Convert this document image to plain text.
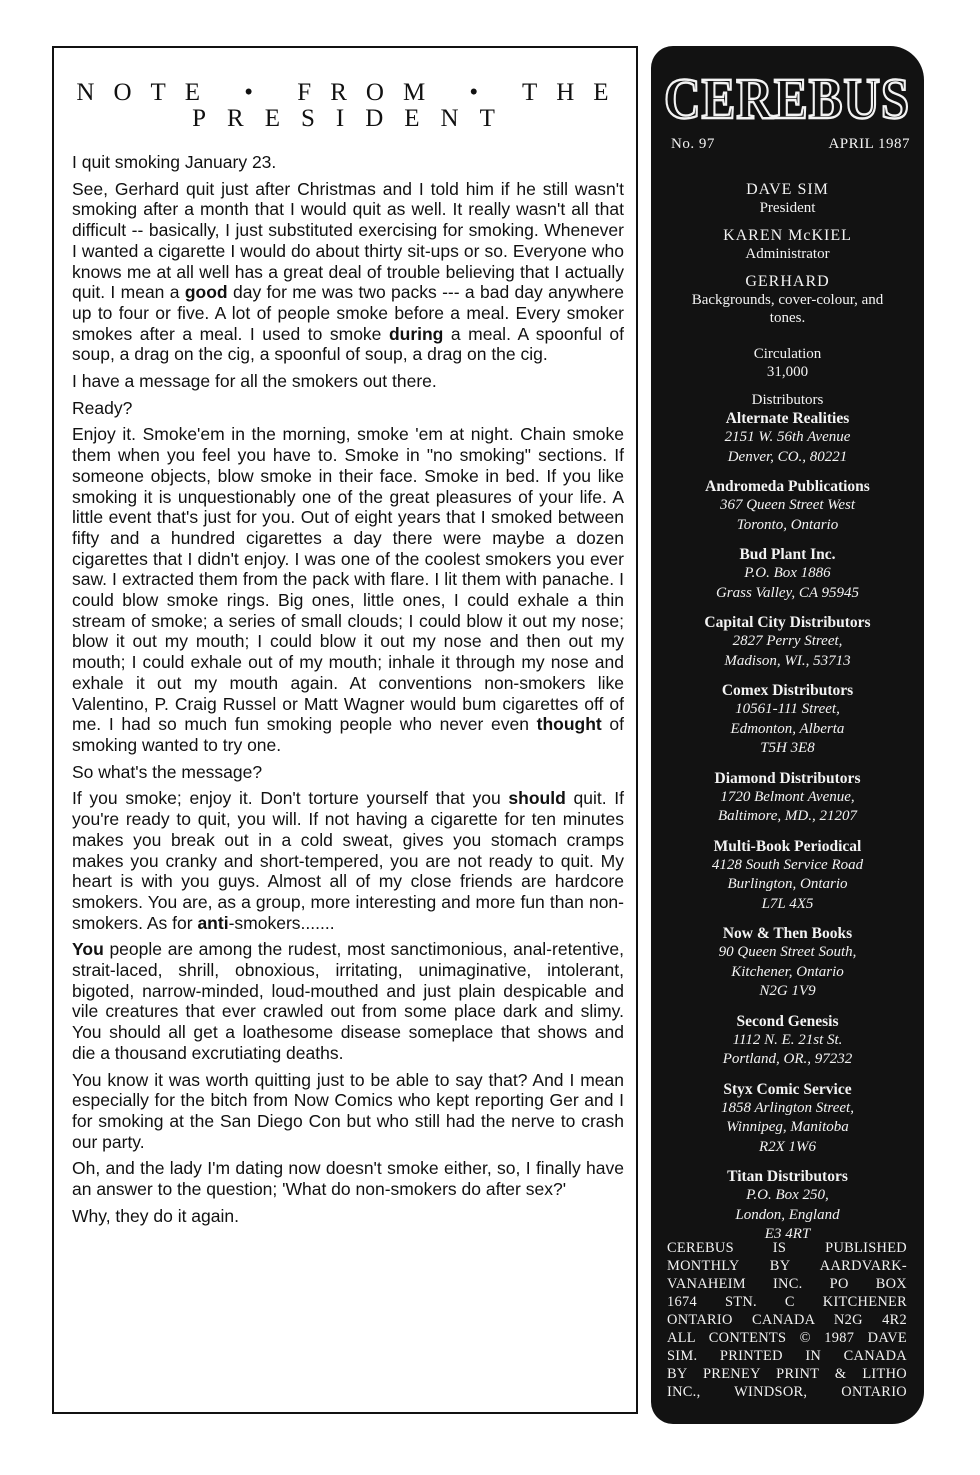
NOTE • FROM • THE
PRESIDENT

I quit smoking January 23.

See, Gerhard quit just after Christmas and I told him if he still wasn't smoking after a month that I would quit as well. It really wasn't all that difficult -- basically, I just substituted exercising for smoking. Whenever I wanted a cigarette I would do about thirty sit-ups or so. Everyone who knows me at all well has a great deal of trouble believing that I actually quit. I mean a good day for me was two packs --- a bad day anywhere up to four or five. A lot of people smoke before a meal. Every smoker smokes after a meal. I used to smoke during a meal. A spoonful of soup, a drag on the cig, a spoonful of soup, a drag on the cig.

I have a message for all the smokers out there.

Ready?

Enjoy it. Smoke'em in the morning, smoke 'em at night. Chain smoke them when you feel you have to. Smoke in "no smoking" sections. If someone objects, blow smoke in their face. Smoke in bed. If you like smoking it is unquestionably one of the great pleasures of your life. A little event that's just for you. Out of eight years that I smoked between fifty and a hundred cigarettes a day there were maybe a dozen cigarettes that I didn't enjoy. I was one of the coolest smokers you ever saw. I extracted them from the pack with flare. I lit them with panache. I could blow smoke rings. Big ones, little ones, I could exhale a thin stream of smoke; a series of small clouds; I could blow it out my nose; blow it out my mouth; I could blow it out my nose and then out my mouth; I could exhale out of my mouth; inhale it through my nose and exhale it out my mouth again. At conventions non-smokers like Valentino, P. Craig Russel or Matt Wagner would bum cigarettes off of me. I had so much fun smoking people who never even thought of smoking wanted to try one.

So what's the message?

If you smoke; enjoy it. Don't torture yourself that you should quit. If you're ready to quit, you will. If not having a cigarette for ten minutes makes you break out in a cold sweat, gives you stomach cramps makes you cranky and short-tempered, you are not ready to quit. My heart is with you guys. Almost all of my close friends are hardcore smokers. You are, as a group, more interesting and more fun than non-smokers. As for anti-smokers.......

You people are among the rudest, most sanctimonious, anal-retentive, strait-laced, shrill, obnoxious, irritating, unimaginative, intolerant, bigoted, narrow-minded, loud-mouthed and just plain despicable and vile creatures that ever crawled out from some place dark and slimy. You should all get a loathesome disease someplace that shows and die a thousand excrutiating deaths.

You know it was worth quitting just to be able to say that? And I mean especially for the bitch from Now Comics who kept reporting Ger and I for smoking at the San Diego Con but who still had the nerve to crash our party.

Oh, and the lady I'm dating now doesn't smoke either, so, I finally have an answer to the question; 'What do non-smokers do after sex?'

Why, they do it again.

CEREBUS
No. 97	APRIL 1987
DAVE SIM
President
KAREN McKIEL
Administrator
GERHARD
Backgrounds, cover-colour, and tones.
Circulation
31,000
Distributors
Alternate Realities
2151 W. 56th Avenue
Denver, CO., 80221
Andromeda Publications
367 Queen Street West
Toronto, Ontario
Bud Plant Inc.
P.O. Box 1886
Grass Valley, CA 95945
Capital City Distributors
2827 Perry Street,
Madison, WI., 53713
Comex Distributors
10561-111 Street,
Edmonton, Alberta
T5H 3E8
Diamond Distributors
1720 Belmont Avenue,
Baltimore, MD., 21207
Multi-Book Periodical
4128 South Service Road
Burlington, Ontario
L7L 4X5
Now & Then Books
90 Queen Street South,
Kitchener, Ontario
N2G 1V9
Second Genesis
1112 N. E. 21st St.
Portland, OR., 97232
Styx Comic Service
1858 Arlington Street,
Winnipeg, Manitoba
R2X 1W6
Titan Distributors
P.O. Box 250,
London, England
E3 4RT
CEREBUS IS PUBLISHED
MONTHLY BY AARDVARK-
VANAHEIM INC. PO BOX
1674 STN. C KITCHENER
ONTARIO CANADA N2G 4R2
ALL CONTENTS © 1987 DAVE
SIM. PRINTED IN CANADA
BY PRENEY PRINT & LITHO
INC., WINDSOR, ONTARIO
